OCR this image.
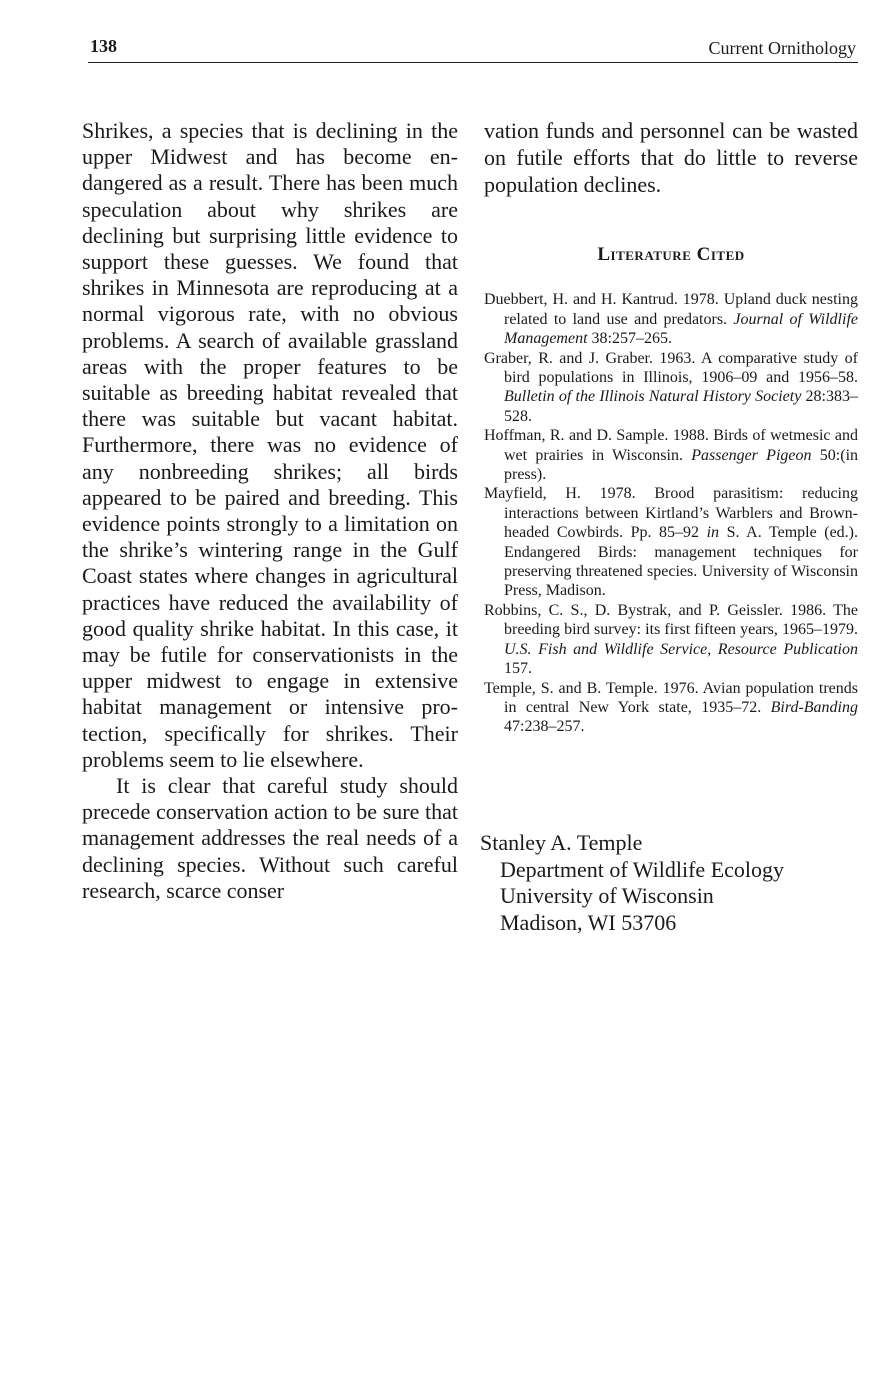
138	Current Ornithology

Shrikes, a species that is declining in the upper Midwest and has become endangered as a result. There has been much speculation about why shrikes are declining but surprising little evidence to support these guesses. We found that shrikes in Minnesota are reproducing at a normal vigorous rate, with no obvious problems. A search of available grassland areas with the proper features to be suitable as breeding habitat revealed that there was suitable but vacant habitat. Furthermore, there was no evidence of any nonbreeding shrikes; all birds appeared to be paired and breeding. This evidence points strongly to a limitation on the shrike’s wintering range in the Gulf Coast states where changes in agricultural practices have reduced the availability of good quality shrike habitat. In this case, it may be futile for conservationists in the upper midwest to engage in extensive habitat management or intensive protection, specifically for shrikes. Their problems seem to lie elsewhere.

It is clear that careful study should precede conservation action to be sure that management addresses the real needs of a declining species. Without such careful research, scarce conser

vation funds and personnel can be wasted on futile efforts that do little to reverse population declines.

Literature Cited
Duebbert, H. and H. Kantrud. 1978. Upland duck nesting related to land use and predators. Journal of Wildlife Management 38:257–265.
Graber, R. and J. Graber. 1963. A comparative study of bird populations in Illinois, 1906–09 and 1956–58. Bulletin of the Illinois Natural History Society 28:383–528.
Hoffman, R. and D. Sample. 1988. Birds of wetmesic and wet prairies in Wisconsin. Passenger Pigeon 50:(in press).
Mayfield, H. 1978. Brood parasitism: reducing interactions between Kirtland’s Warblers and Brown-headed Cowbirds. Pp. 85–92 in S. A. Temple (ed.). Endangered Birds: management techniques for preserving threatened species. University of Wisconsin Press, Madison.
Robbins, C. S., D. Bystrak, and P. Geissler. 1986. The breeding bird survey: its first fifteen years, 1965–1979. U.S. Fish and Wildlife Service, Resource Publication 157.
Temple, S. and B. Temple. 1976. Avian population trends in central New York state, 1935–72. Bird-Banding 47:238–257.
Stanley A. Temple
Department of Wildlife Ecology
University of Wisconsin
Madison, WI 53706
